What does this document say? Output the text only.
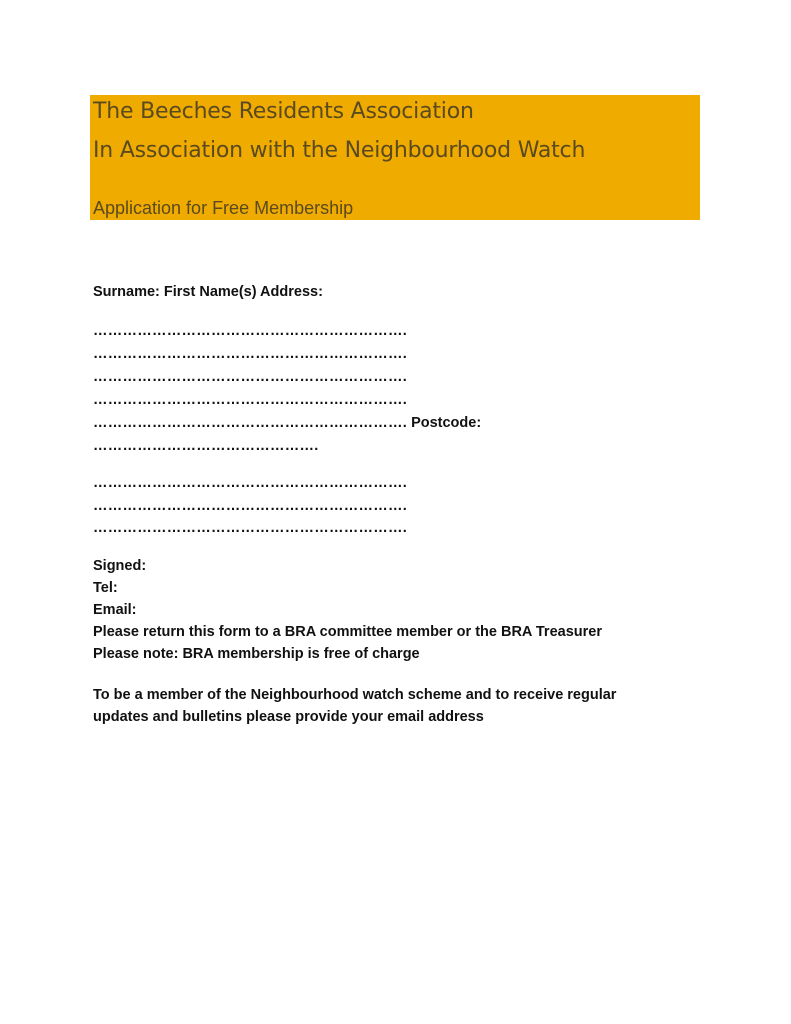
The Beeches Residents Association
In Association with the Neighbourhood Watch
Application for Free Membership
Surname: First Name(s) Address:
……………………………………………………….
……………………………………………………….
……………………………………………………….
……………………………………………………….
………………………………………………………. Postcode:
……………………………………….
……………………………………………………….
……………………………………………………….
……………………………………………………….
Signed:
Tel:
Email:
Please return this form to a BRA committee member or the BRA Treasurer
Please note: BRA membership is free of charge
To be a member of the Neighbourhood watch scheme and to receive regular
updates and bulletins please provide your email address
